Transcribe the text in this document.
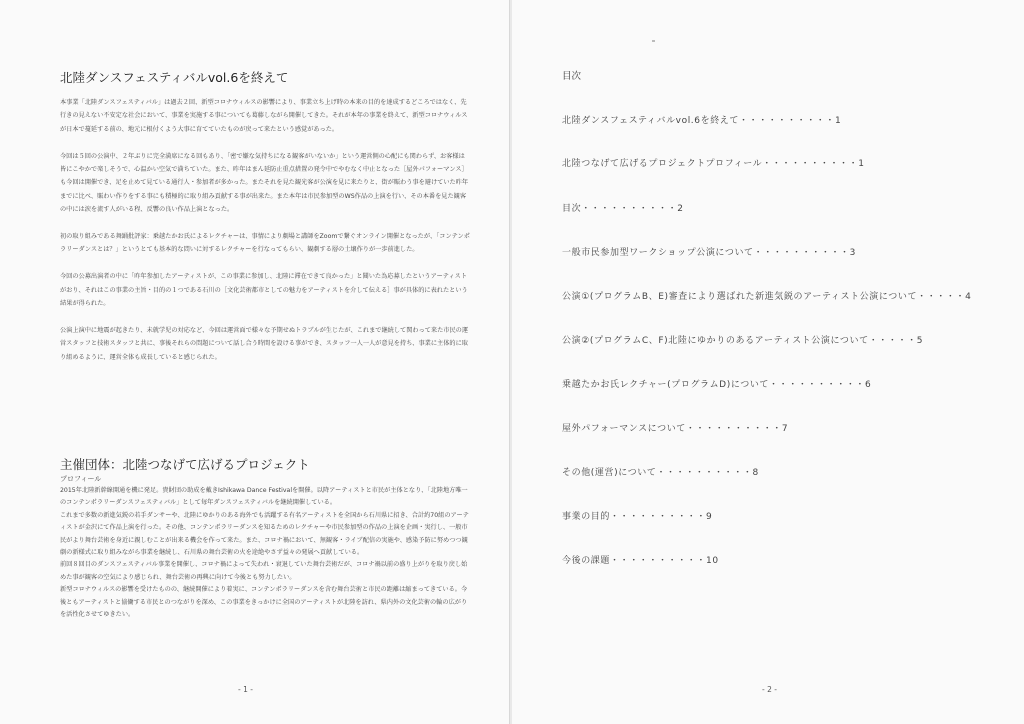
北陸ダンスフェスティバルvol.6を終えて

本事業「北陸ダンスフェスティバル」は過去２回、新型コロナウィルスの影響により、事業立ち上げ時の本来の目的を達成するどころではなく、先行きの見えない不安定な社会において、事業を実施する事についても葛藤しながら開催してきた。それが本年の事業を終えて、新型コロナウィルスが日本で蔓延する前の、地元に根付くよう大事に育てていたものが戻って来たという感覚があった。

今回は５回の公演中、２年ぶりに完全満席になる回もあり、「密で嫌な気持ちになる観客がいないか」という運営側の心配にも関わらず、お客様は皆にこやかで楽しそうで、心温かい空気で満ちていた。また、昨年はまん延防止重点措置の発令中でやむなく中止となった［屋外パフォーマンス］も今回は開催でき、足を止めて見ている通行人・参加者が多かった。またそれを見た観光客が公演を見に来たりと、街が賑わう事を避けていた昨年までに比べ、賑わい作りをする事にも積極的に取り組み貢献する事が出来た。また本年は市民参加型のWS作品の上演を行い、その本番を見た観客の中には涙を流す人がいる程、反響の良い作品上演となった。

初の取り組みである舞踊批評家：乗越たかお氏によるレクチャーは、事情により劇場と講師をZoomで繋ぐオンライン開催となったが、「コンテンポラリーダンスとは？」というとても基本的な問いに対するレクチャーを行なってもらい、観劇する層の土壌作りが一歩前進した。

今回の公募出演者の中に「昨年参加したアーティストが、この事業に参加し、北陸に滞在できて良かった」と聞いた為応募したというアーティストがおり、それはこの事業の主旨・目的の１つである石川の［文化芸術都市としての魅力をアーティストを介して伝える］事が具体的に表れたという結果が得られた。

公演上演中に地震が起きたり、未就学児の対応など、今回は運営面で様々な予期せぬトラブルが生じたが、これまで継続して関わって来た市民の運営スタッフと技術スタッフと共に、事後それらの問題について話し合う時間を設ける事ができ、スタッフ一人一人が意見を持ち、事業に主体的に取り組めるように、運営全体も成長していると感じられた。

主催団体：北陸つなげて広げるプロジェクト
プロフィール

2015年北陸新幹線開通を機に発足。貴財団の助成を戴きIshikawa Dance Festivalを開催。以降アーティストと市民が主体となり、「北陸地方唯一のコンテンポラリーダンスフェスティバル」として毎年ダンスフェスティバルを継続開催している。

これまで多数の新進気鋭の若手ダンサーや、北陸にゆかりのある海外でも活躍する有名アーティストを全国から石川県に招き、合計約70組のアーティストが金沢にて作品上演を行った。その他、コンテンポラリーダンスを知るためのレクチャーや市民参加型の作品の上演を企画・実行し、一般市民がより舞台芸術を身近に親しむことが出来る機会を作って来た。また、コロナ禍において、無観客・ライブ配信の実施や、感染予防に努めつつ観劇の新様式に取り組みながら事業を継続し、石川県の舞台芸術の火を途絶やさず益々の発展へ貢献している。

前回８回目のダンスフェスティバル事業を開催し、コロナ禍によって失われ・衰退していた舞台芸術だが、コロナ禍以前の盛り上がりを取り戻し始めた事が観客の空気により感じられ、舞台芸術の再興に向けて今後とも努力したい。

新型コロナウィルスの影響を受けたものの、継続開催により着実に、コンテンポラリーダンスを含む舞台芸術と市民の距離は縮まってきている。今後ともアーティストと協働する市民とのつながりを深め、この事業をきっかけに全国のアーティストが北陸を訪れ、県内外の文化芸術の輪の広がりを活性化させてゆきたい。

- 1 -
目次
北陸ダンスフェスティバルvol.6を終えて・・・・・・・・・・1
北陸つなげて広げるプロジェクトプロフィール・・・・・・・・・・1
目次・・・・・・・・・・2
一般市民参加型ワークショップ公演について・・・・・・・・・・3
公演①(プログラムB、E)審査により選ばれた新進気鋭のアーティスト公演について・・・・・4
公演②(プログラムC、F)北陸にゆかりのあるアーティスト公演について・・・・・5
乗越たかお氏レクチャー(プログラムD)について・・・・・・・・・・6
屋外パフォーマンスについて・・・・・・・・・・7
その他(運営)について・・・・・・・・・・8
事業の目的・・・・・・・・・・9
今後の課題・・・・・・・・・・10
- 2 -
